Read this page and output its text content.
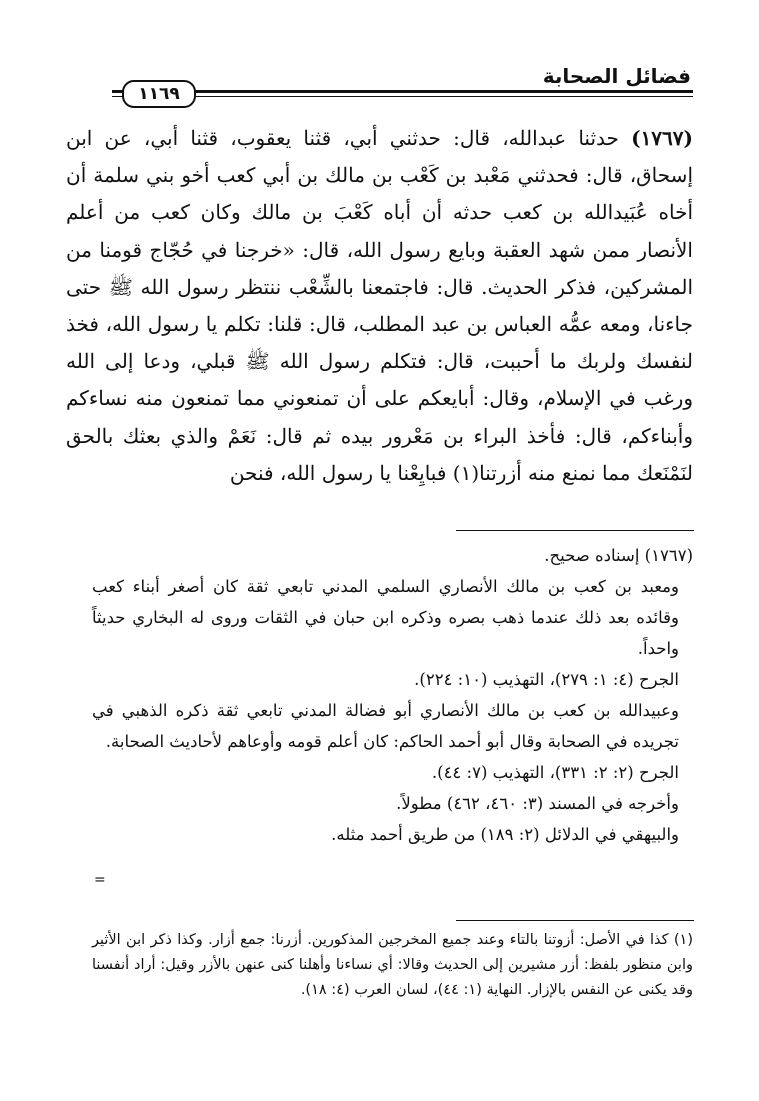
فضائل الصحابة
١١٦٩

(١٧٦٧) حدثنا عبدالله، قال: حدثني أبي، قثنا يعقوب، قثنا أبي، عن ابن إسحاق، قال: فحدثني مَعْبد بن كَعْب بن مالك بن أبي كعب أخو بني سلمة أن أخاه عُبَيدالله بن كعب حدثه أن أباه كَعْبَ بن مالك وكان كعب من أعلم الأنصار ممن شهد العقبة وبايع رسول الله، قال: «خرجنا في حُجّاج قومنا من المشركين، فذكر الحديث. قال: فاجتمعنا بالشِّعْب ننتظر رسول الله ﷺ حتى جاءنا، ومعه عمُّه العباس بن عبد المطلب، قال: قلنا: تكلم يا رسول الله، فخذ لنفسك ولربك ما أحببت، قال: فتكلم رسول الله ﷺ قبلي، ودعا إلى الله ورغب في الإسلام، وقال: أبايعكم على أن تمنعوني مما تمنعون منه نساءكم وأبناءكم، قال: فأخذ البراء بن مَعْرور بيده ثم قال: نَعَمْ والذي بعثك بالحق لنَمْنَعك مما نمنع منه أزرتنا(١) فبايِعْنا يا رسول الله، فنحن

(١٧٦٧) إسناده صحيح.

ومعبد بن كعب بن مالك الأنصاري السلمي المدني تابعي ثقة كان أصغر أبناء كعب وقائده بعد ذلك عندما ذهب بصره وذكره ابن حبان في الثقات وروى له البخاري حديثاً واحداً.

الجرح (٤: ١: ٢٧٩)، التهذيب (١٠: ٢٢٤).

وعبيدالله بن كعب بن مالك الأنصاري أبو فضالة المدني تابعي ثقة ذكره الذهبي في تجريده في الصحابة وقال أبو أحمد الحاكم: كان أعلم قومه وأوعاهم لأحاديث الصحابة.

الجرح (٢: ٢: ٣٣١)، التهذيب (٧: ٤٤).

وأخرجه في المسند (٣: ٤٦٠، ٤٦٢) مطولاً.

والبيهقي في الدلائل (٢: ١٨٩) من طريق أحمد مثله.

=

(١) كذا في الأصل: أزوتنا بالتاء وعند جميع المخرجين المذكورين. أزرنا: جمع أزار. وكذا ذكر ابن الأثير وابن منظور بلفظ: أزر مشيرين إلى الحديث وقالا: أي نساءنا وأهلنا كنى عنهن بالأزر وقيل: أراد أنفسنا وقد يكنى عن النفس بالإزار. النهاية (١: ٤٤)، لسان العرب (٤: ١٨).
